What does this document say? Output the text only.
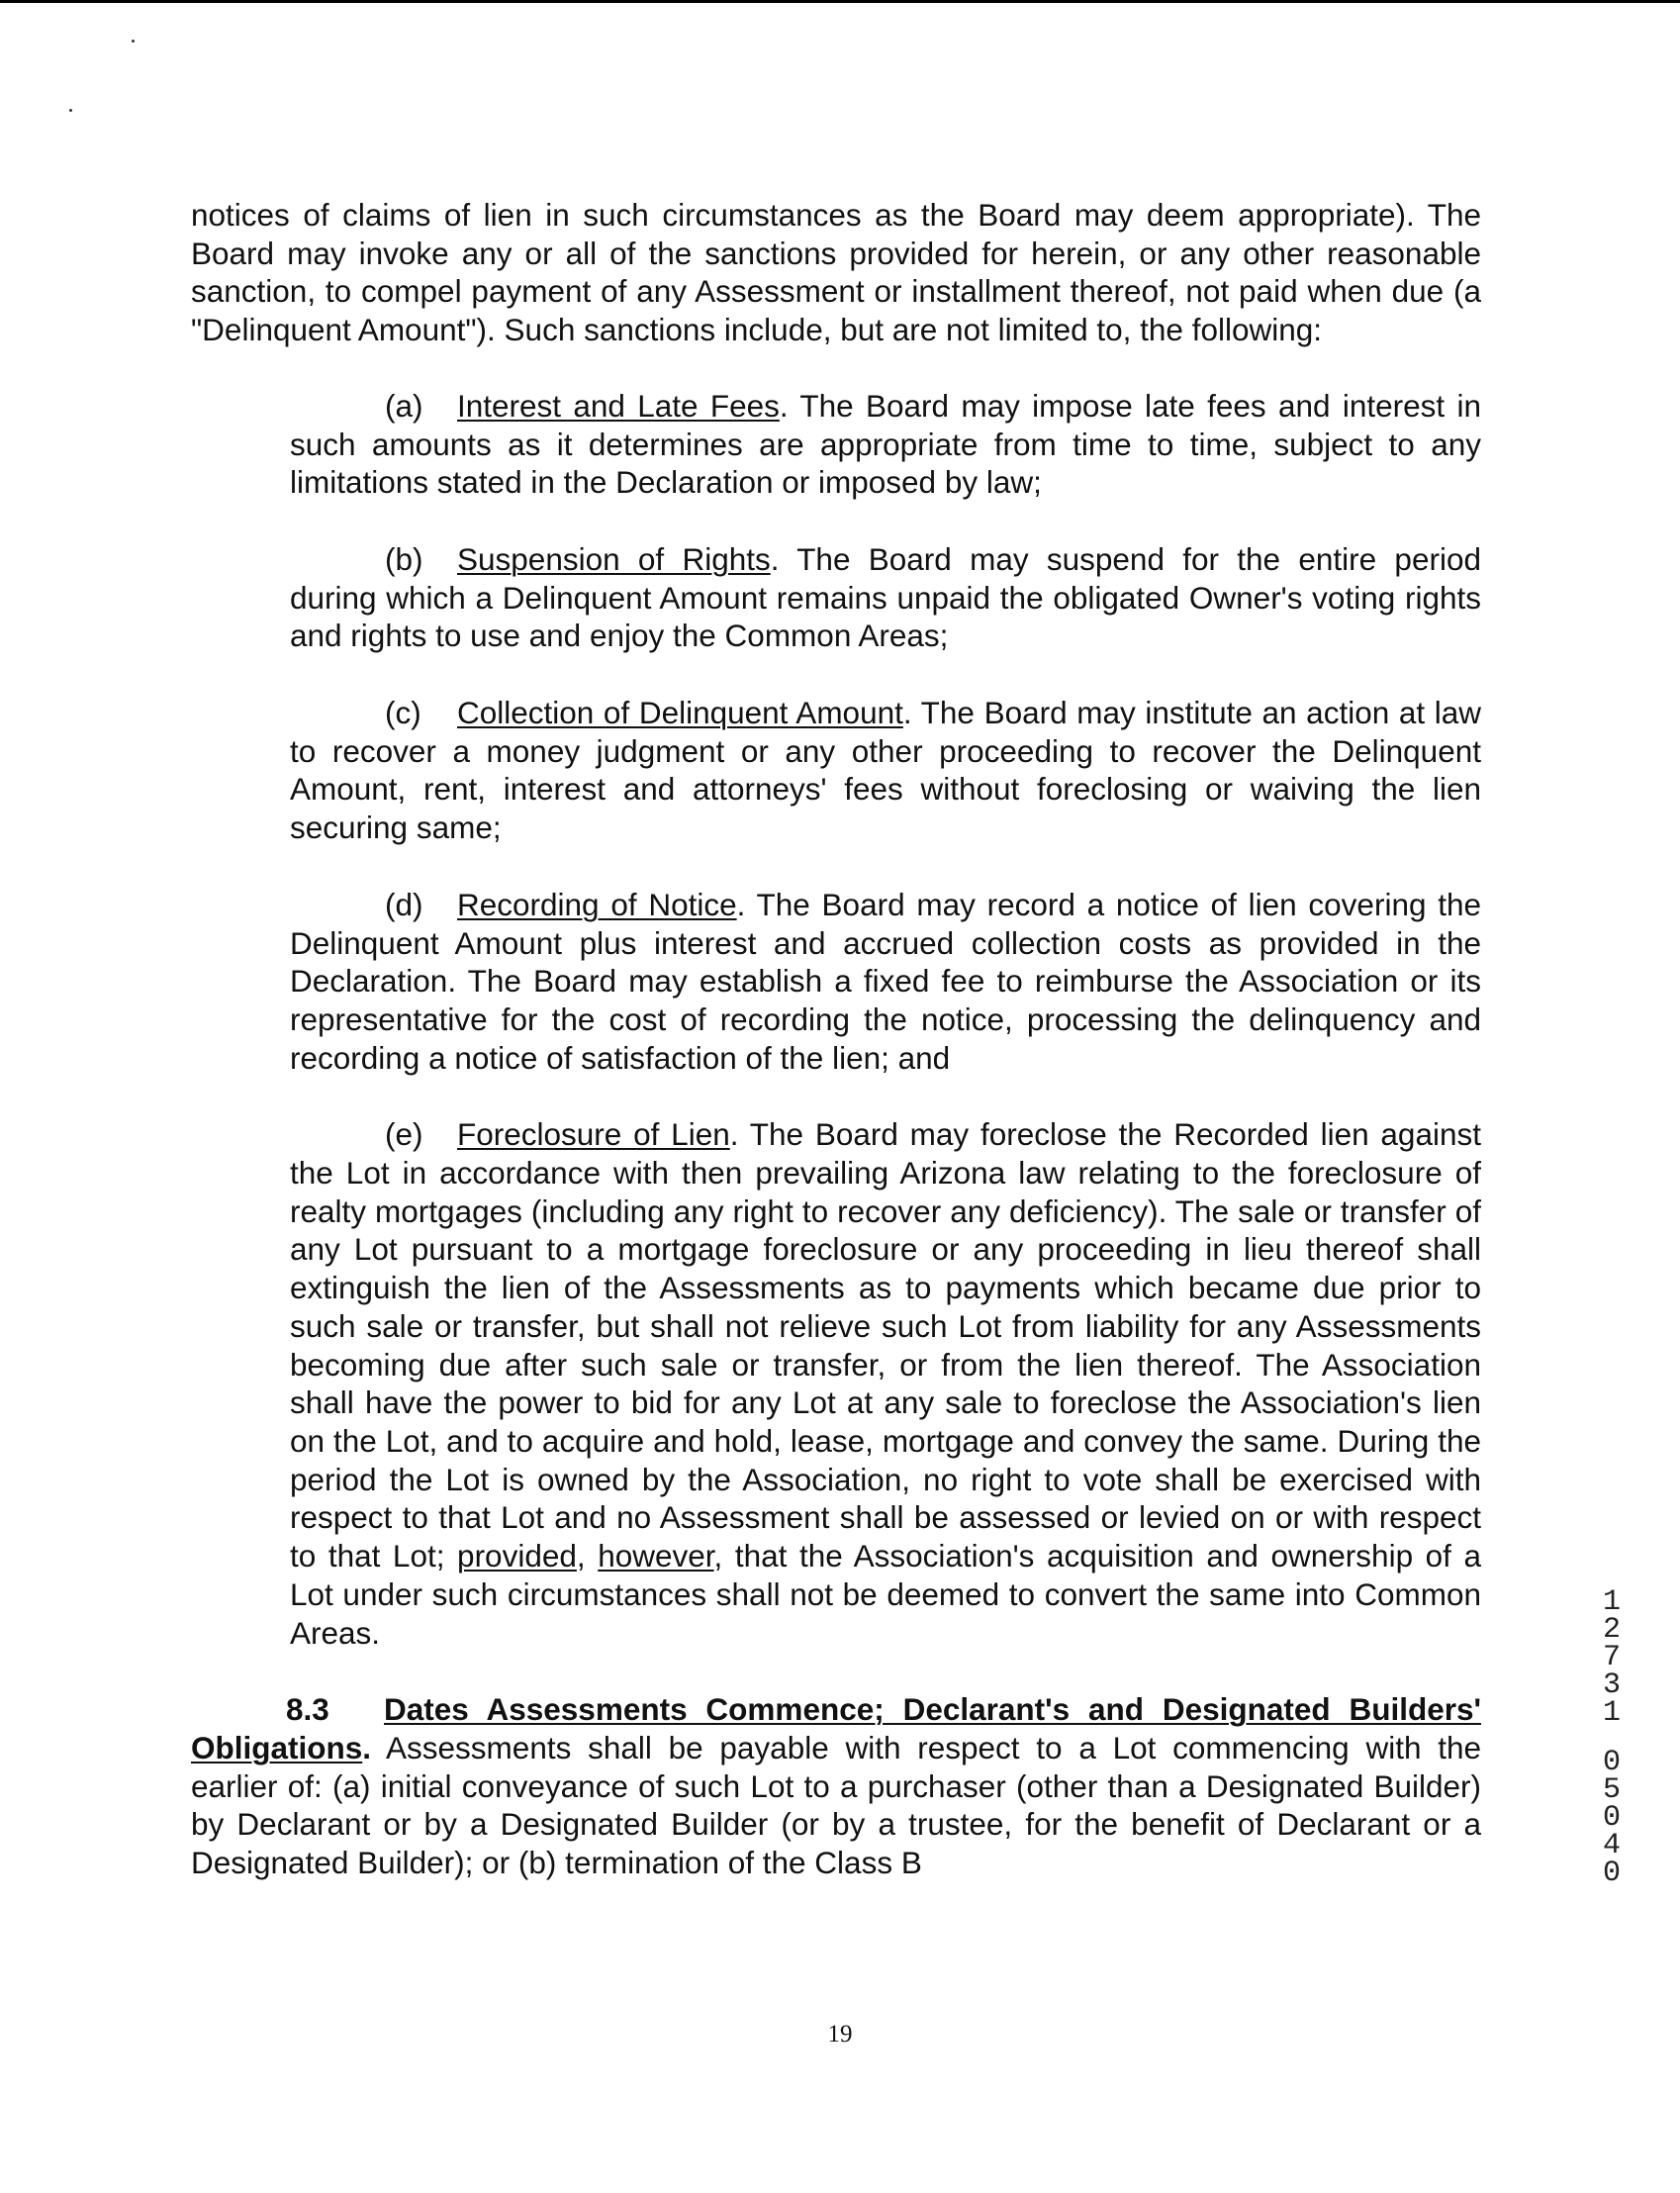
notices of claims of lien in such circumstances as the Board may deem appropriate). The Board may invoke any or all of the sanctions provided for herein, or any other reasonable sanction, to compel payment of any Assessment or installment thereof, not paid when due (a "Delinquent Amount"). Such sanctions include, but are not limited to, the following:

(a) Interest and Late Fees. The Board may impose late fees and interest in such amounts as it determines are appropriate from time to time, subject to any limitations stated in the Declaration or imposed by law;

(b) Suspension of Rights. The Board may suspend for the entire period during which a Delinquent Amount remains unpaid the obligated Owner's voting rights and rights to use and enjoy the Common Areas;

(c) Collection of Delinquent Amount. The Board may institute an action at law to recover a money judgment or any other proceeding to recover the Delinquent Amount, rent, interest and attorneys' fees without foreclosing or waiving the lien securing same;

(d) Recording of Notice. The Board may record a notice of lien covering the Delinquent Amount plus interest and accrued collection costs as provided in the Declaration. The Board may establish a fixed fee to reimburse the Association or its representative for the cost of recording the notice, processing the delinquency and recording a notice of satisfaction of the lien; and

(e) Foreclosure of Lien. The Board may foreclose the Recorded lien against the Lot in accordance with then prevailing Arizona law relating to the foreclosure of realty mortgages (including any right to recover any deficiency). The sale or transfer of any Lot pursuant to a mortgage foreclosure or any proceeding in lieu thereof shall extinguish the lien of the Assessments as to payments which became due prior to such sale or transfer, but shall not relieve such Lot from liability for any Assessments becoming due after such sale or transfer, or from the lien thereof. The Association shall have the power to bid for any Lot at any sale to foreclose the Association's lien on the Lot, and to acquire and hold, lease, mortgage and convey the same. During the period the Lot is owned by the Association, no right to vote shall be exercised with respect to that Lot and no Assessment shall be assessed or levied on or with respect to that Lot; provided, however, that the Association's acquisition and ownership of a Lot under such circumstances shall not be deemed to convert the same into Common Areas.

8.3 Dates Assessments Commence; Declarant's and Designated Builders' Obligations. Assessments shall be payable with respect to a Lot commencing with the earlier of: (a) initial conveyance of such Lot to a purchaser (other than a Designated Builder) by Declarant or by a Designated Builder (or by a trustee, for the benefit of Declarant or a Designated Builder); or (b) termination of the Class B

19
1
2
7
3
1
0
5
0
4
0
